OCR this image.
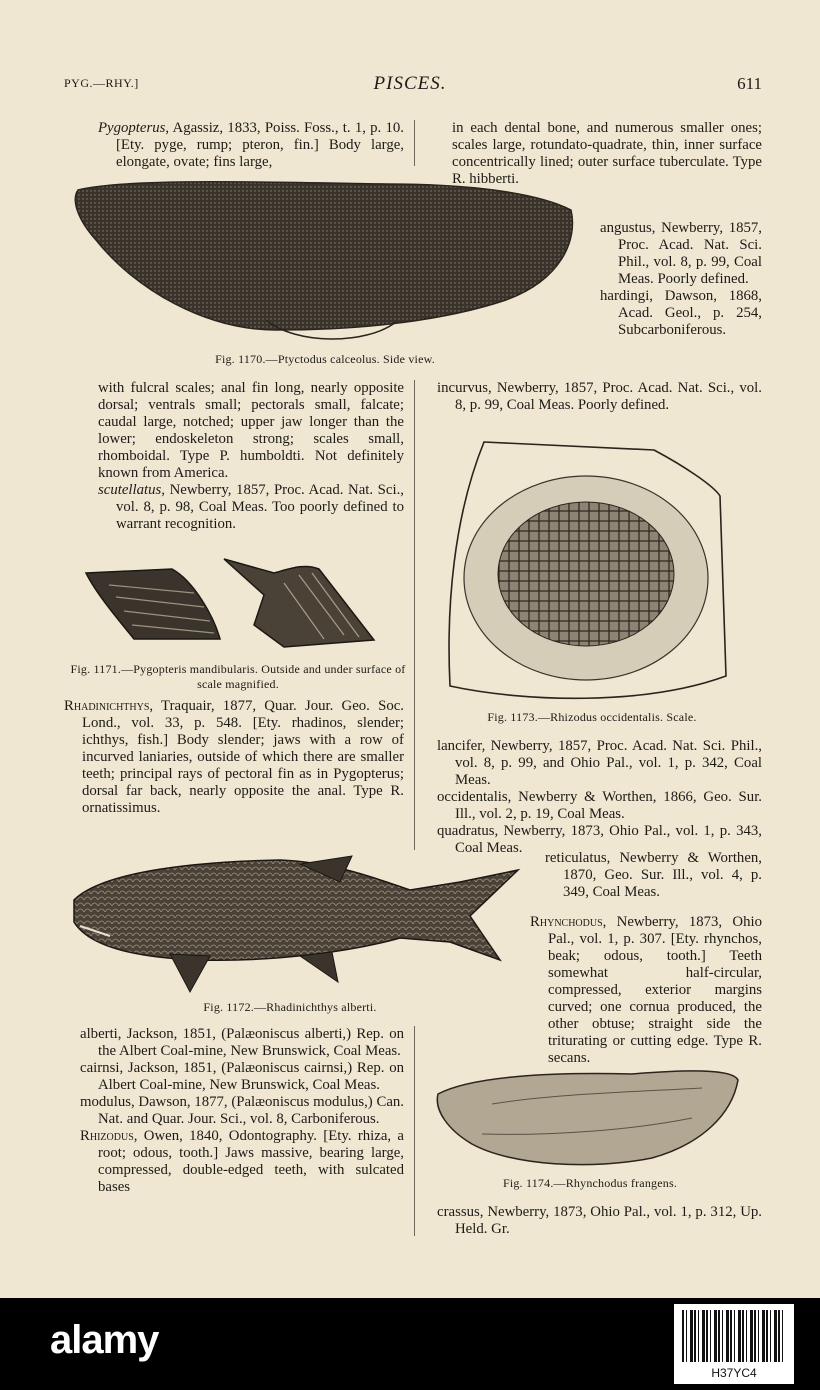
PYG.—RHY.]	PISCES.	611

Pygopterus, Agassiz, 1833, Poiss. Foss., t. 1, p. 10. [Ety. pyge, rump; pteron, fin.] Body large, elongate, ovate; fins large,

in each dental bone, and numerous smaller ones; scales large, rotundato-quadrate, thin, inner surface concentrically lined; outer surface tuberculate. Type R. hibberti.

Fig. 1170.—Ptyctodus calceolus. Side view.

angustus, Newberry, 1857, Proc. Acad. Nat. Sci. Phil., vol. 8, p. 99, Coal Meas. Poorly defined.

hardingi, Dawson, 1868, Acad. Geol., p. 254, Subcarboniferous.

with fulcral scales; anal fin long, nearly opposite dorsal; ventrals small; pectorals small, falcate; caudal large, notched; upper jaw longer than the lower; endoskeleton strong; scales small, rhomboidal. Type P. humboldti. Not definitely known from America.

scutellatus, Newberry, 1857, Proc. Acad. Nat. Sci., vol. 8, p. 98, Coal Meas. Too poorly defined to warrant recognition.

incurvus, Newberry, 1857, Proc. Acad. Nat. Sci., vol. 8, p. 99, Coal Meas. Poorly defined.

Fig. 1171.—Pygopteris mandibularis. Outside and under surface of scale magnified.

Rhadinichthys, Traquair, 1877, Quar. Jour. Geo. Soc. Lond., vol. 33, p. 548. [Ety. rhadinos, slender; ichthys, fish.] Body slender; jaws with a row of incurved laniaries, outside of which there are smaller teeth; principal rays of pectoral fin as in Pygopterus; dorsal far back, nearly opposite the anal. Type R. ornatissimus.

Fig. 1173.—Rhizodus occidentalis. Scale.

lancifer, Newberry, 1857, Proc. Acad. Nat. Sci. Phil., vol. 8, p. 99, and Ohio Pal., vol. 1, p. 342, Coal Meas.

occidentalis, Newberry & Worthen, 1866, Geo. Sur. Ill., vol. 2, p. 19, Coal Meas.

quadratus, Newberry, 1873, Ohio Pal., vol. 1, p. 343, Coal Meas.

reticulatus, Newberry & Worthen, 1870, Geo. Sur. Ill., vol. 4, p. 349, Coal Meas.

Fig. 1172.—Rhadinichthys alberti.

Rhynchodus, Newberry, 1873, Ohio Pal., vol. 1, p. 307. [Ety. rhynchos, beak; odous, tooth.] Teeth somewhat half-circular, compressed, exterior margins curved; one cornua produced, the other obtuse; straight side the triturating or cutting edge. Type R. secans.

alberti, Jackson, 1851, (Palæoniscus alberti,) Rep. on the Albert Coal-mine, New Brunswick, Coal Meas.

cairnsi, Jackson, 1851, (Palæoniscus cairnsi,) Rep. on Albert Coal-mine, New Brunswick, Coal Meas.

modulus, Dawson, 1877, (Palæoniscus modulus,) Can. Nat. and Quar. Jour. Sci., vol. 8, Carboniferous.

Rhizodus, Owen, 1840, Odontography. [Ety. rhiza, a root; odous, tooth.] Jaws massive, bearing large, compressed, double-edged teeth, with sulcated bases	Fig. 1174.—Rhynchodus frangens.

crassus, Newberry, 1873, Ohio Pal., vol. 1, p. 312, Up. Held. Gr.

alamy
H37YC4
